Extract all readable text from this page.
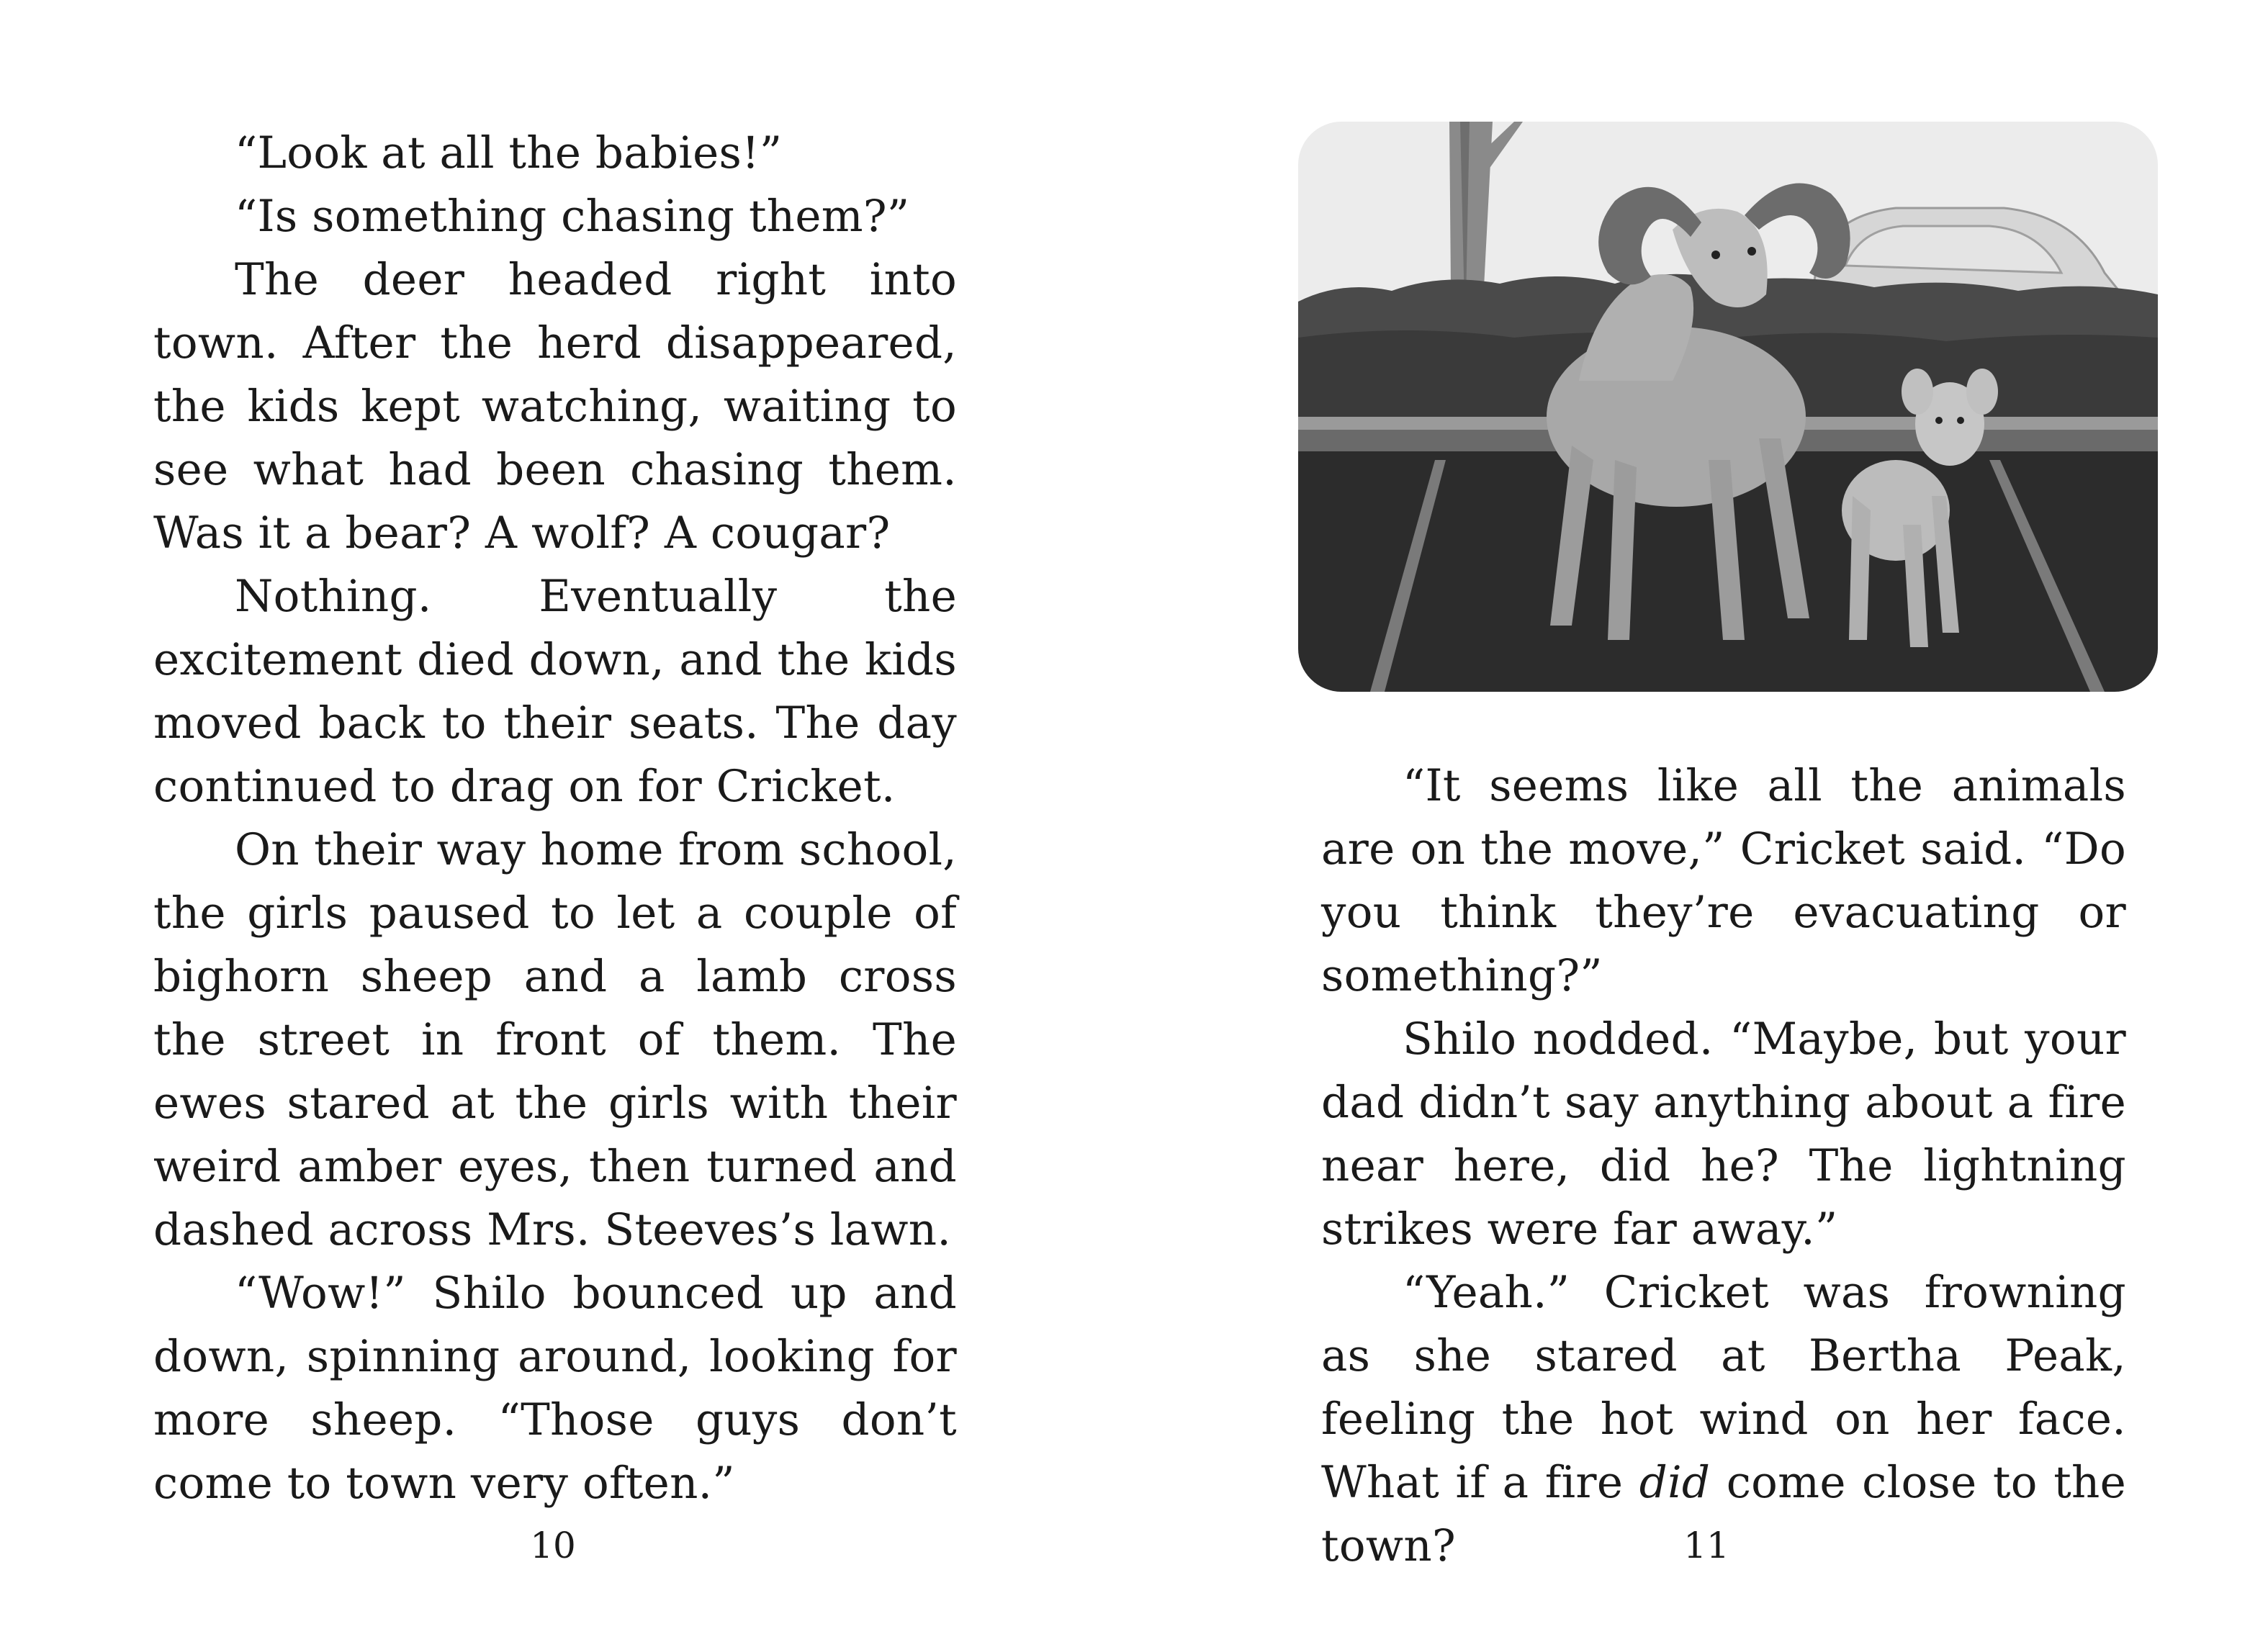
“Look at all the babies!”

“Is something chasing them?”

The deer headed right into town. After the herd disappeared, the kids kept watching, waiting to see what had been chasing them. Was it a bear? A wolf? A cougar?

Nothing. Eventually the excitement died down, and the kids moved back to their seats. The day continued to drag on for Cricket.

On their way home from school, the girls paused to let a couple of bighorn sheep and a lamb cross the street in front of them. The ewes stared at the girls with their weird amber eyes, then turned and dashed across Mrs. Steeves’s lawn.

“Wow!” Shilo bounced up and down, spinning around, looking for more sheep. “Those guys don’t come to town very often.”

10

“It seems like all the animals are on the move,” Cricket said. “Do you think they’re evacuating or something?”

Shilo nodded. “Maybe, but your dad didn’t say anything about a fire near here, did he? The lightning strikes were far away.”

“Yeah.” Cricket was frowning as she stared at Bertha Peak, feeling the hot wind on her face. What if a fire did come close to the town?	11
